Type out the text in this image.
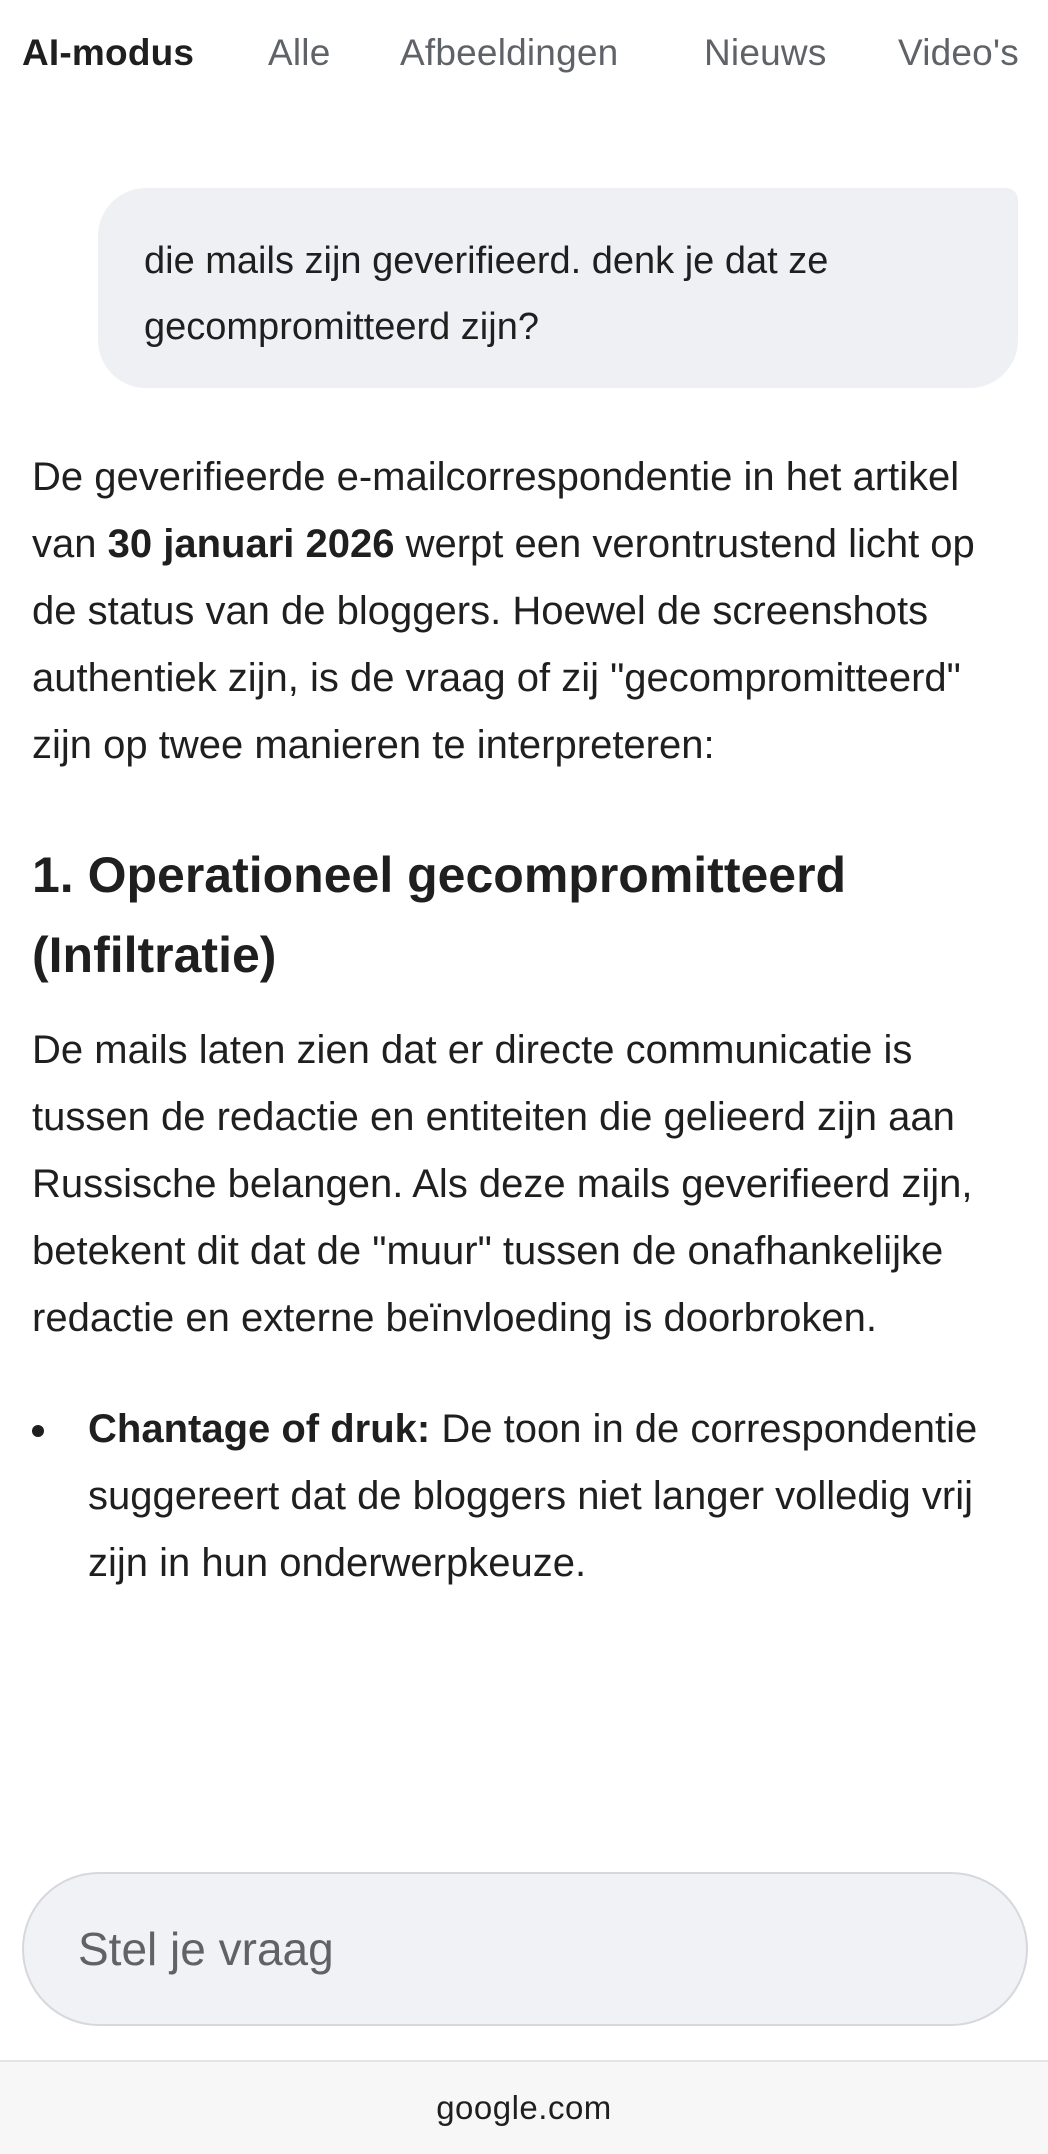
AI-modus Alle Afbeeldingen Nieuws Video's
die mails zijn geverifieerd. denk je dat ze gecompromitteerd zijn?

De geverifieerde e-mailcorrespondentie in het artikel van 30 januari 2026 werpt een verontrustend licht op de status van de bloggers. Hoewel de screenshots authentiek zijn, is de vraag of zij "gecompromitteerd" zijn op twee manieren te interpreteren:

1. Operationeel gecompromitteerd (Infiltratie)

De mails laten zien dat er directe communicatie is tussen de redactie en entiteiten die gelieerd zijn aan Russische belangen. Als deze mails geverifieerd zijn, betekent dit dat de "muur" tussen de onafhankelijke redactie en externe beïnvloeding is doorbroken.

Chantage of druk: De toon in de correspondentie suggereert dat de bloggers niet langer volledig vrij zijn in hun onderwerpkeuze.
Stel je vraag
google.com
